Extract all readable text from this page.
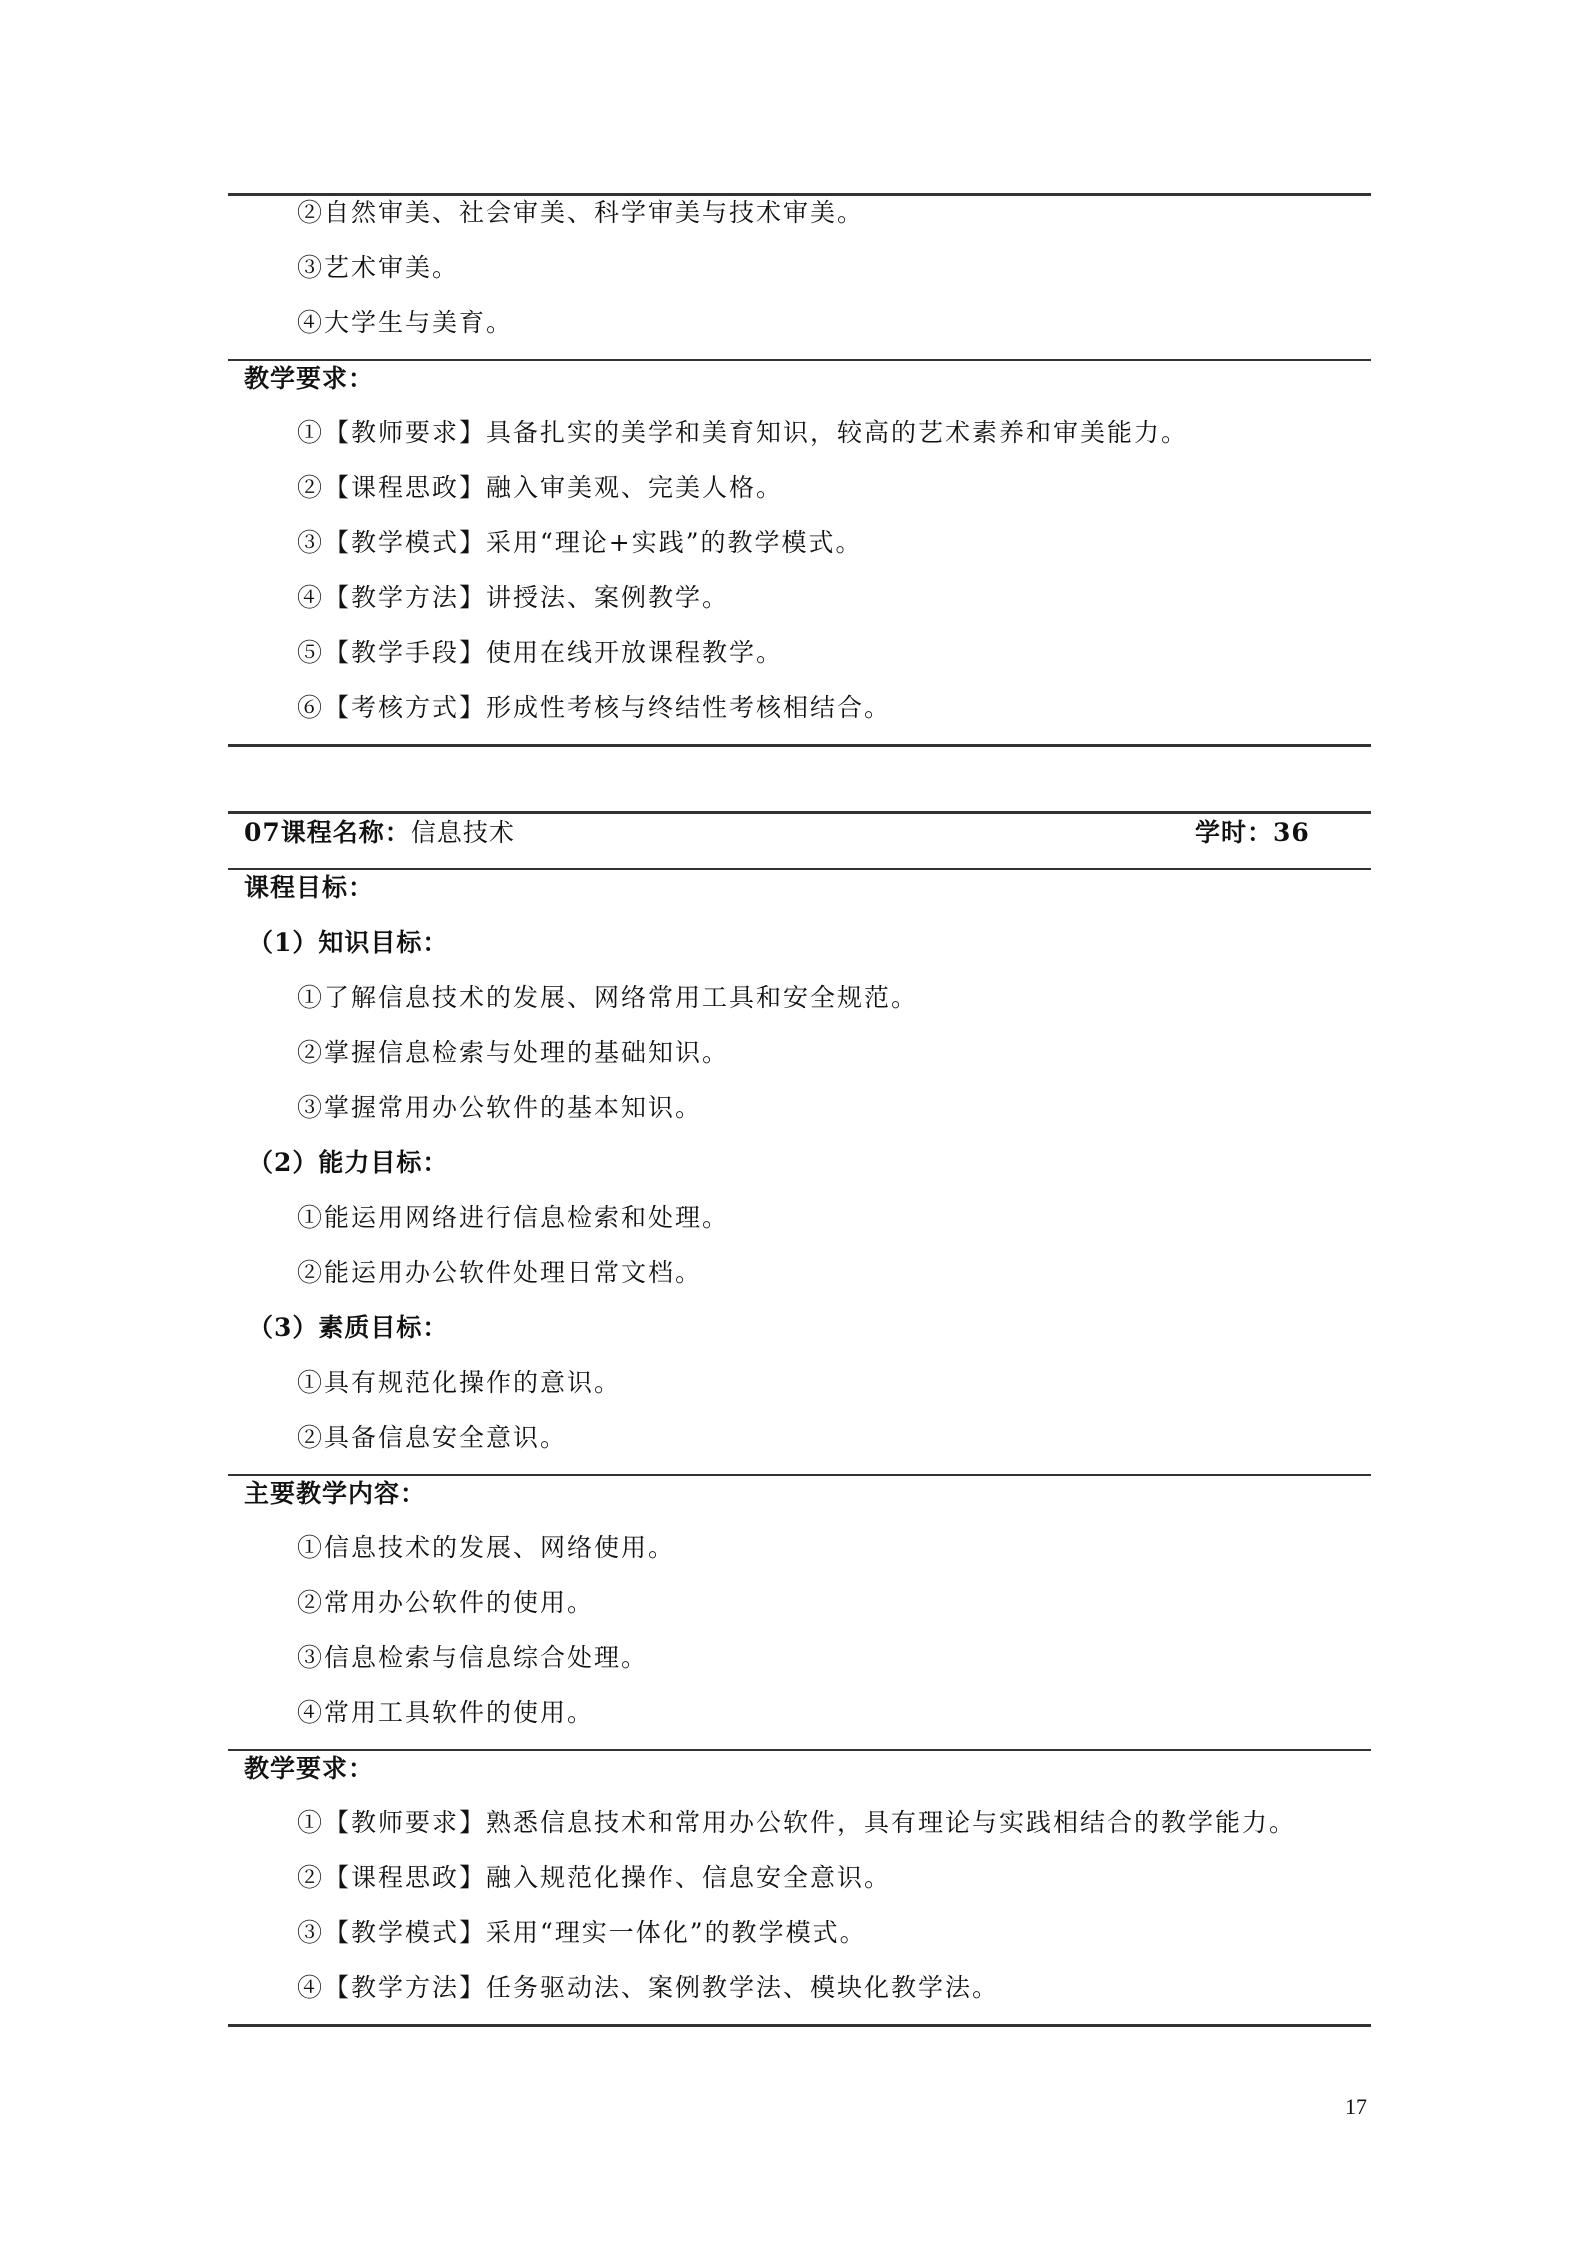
②自然审美、社会审美、科学审美与技术审美。
③艺术审美。
④大学生与美育。
教学要求：
①【教师要求】具备扎实的美学和美育知识，较高的艺术素养和审美能力。
②【课程思政】融入审美观、完美人格。
③【教学模式】采用“理论+实践”的教学模式。
④【教学方法】讲授法、案例教学。
⑤【教学手段】使用在线开放课程教学。
⑥【考核方式】形成性考核与终结性考核相结合。
07课程名称：信息技术	学时：36
课程目标：
（1）知识目标：
①了解信息技术的发展、网络常用工具和安全规范。
②掌握信息检索与处理的基础知识。
③掌握常用办公软件的基本知识。
（2）能力目标：
①能运用网络进行信息检索和处理。
②能运用办公软件处理日常文档。
（3）素质目标：
①具有规范化操作的意识。
②具备信息安全意识。
主要教学内容：
①信息技术的发展、网络使用。
②常用办公软件的使用。
③信息检索与信息综合处理。
④常用工具软件的使用。
教学要求：
①【教师要求】熟悉信息技术和常用办公软件，具有理论与实践相结合的教学能力。
②【课程思政】融入规范化操作、信息安全意识。
③【教学模式】采用“理实一体化”的教学模式。
④【教学方法】任务驱动法、案例教学法、模块化教学法。
17
